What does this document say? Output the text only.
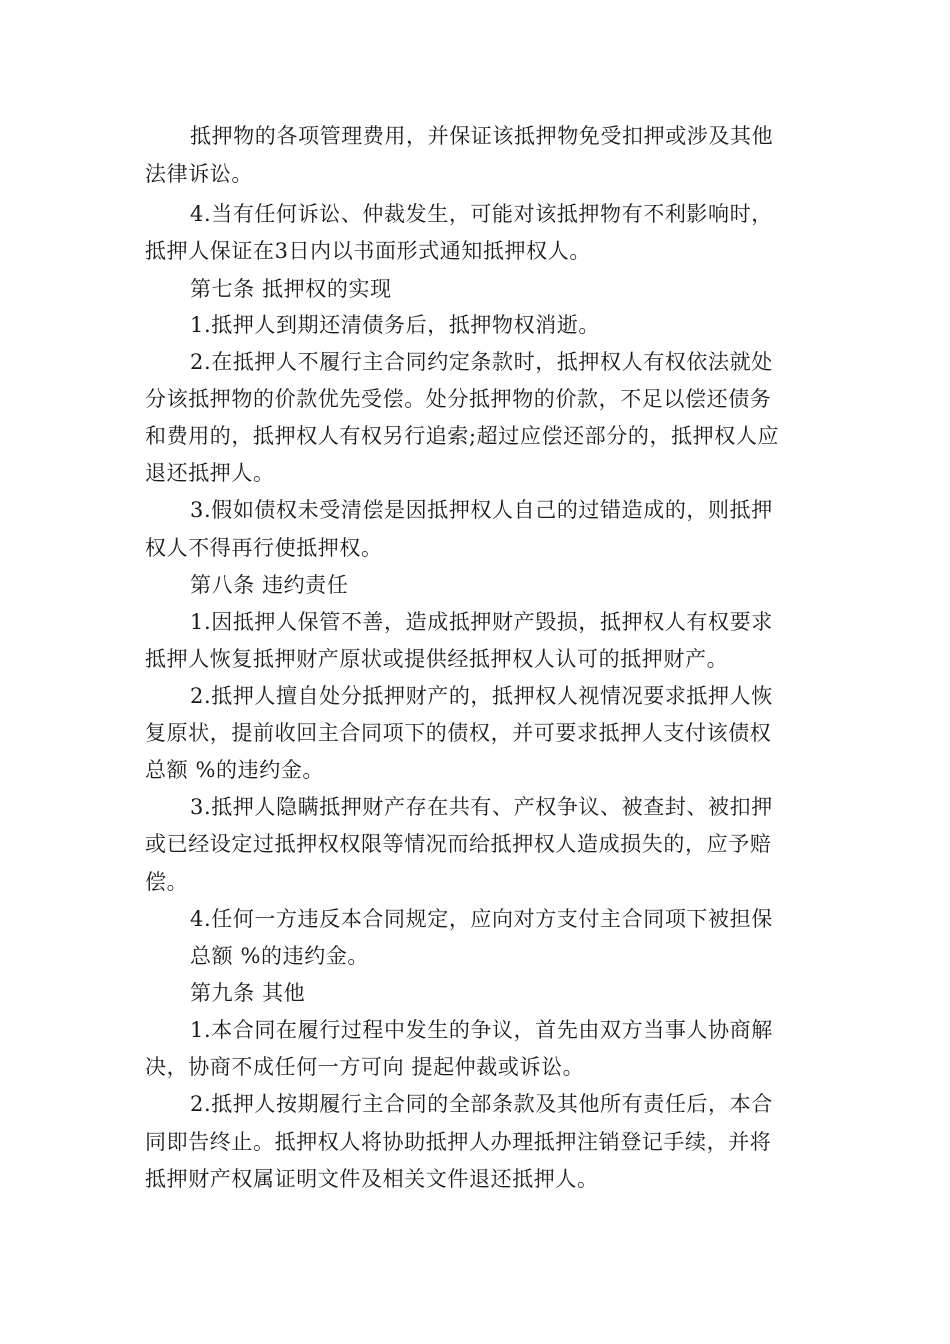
抵押物的各项管理费用，并保证该抵押物免受扣押或涉及其他
法律诉讼。
4.当有任何诉讼、仲裁发生，可能对该抵押物有不利影响时，
抵押人保证在3日内以书面形式通知抵押权人。
第七条 抵押权的实现
1.抵押人到期还清债务后，抵押物权消逝。
2.在抵押人不履行主合同约定条款时，抵押权人有权依法就处
分该抵押物的价款优先受偿。处分抵押物的价款，不足以偿还债务
和费用的，抵押权人有权另行追索;超过应偿还部分的，抵押权人应
退还抵押人。
3.假如债权未受清偿是因抵押权人自己的过错造成的，则抵押
权人不得再行使抵押权。
第八条 违约责任
1.因抵押人保管不善，造成抵押财产毁损，抵押权人有权要求
抵押人恢复抵押财产原状或提供经抵押权人认可的抵押财产。
2.抵押人擅自处分抵押财产的，抵押权人视情况要求抵押人恢
复原状，提前收回主合同项下的债权，并可要求抵押人支付该债权
总额 %的违约金。
3.抵押人隐瞒抵押财产存在共有、产权争议、被查封、被扣押
或已经设定过抵押权权限等情况而给抵押权人造成损失的，应予赔
偿。
4.任何一方违反本合同规定，应向对方支付主合同项下被担保
总额 %的违约金。
第九条 其他
1.本合同在履行过程中发生的争议，首先由双方当事人协商解
决，协商不成任何一方可向 提起仲裁或诉讼。
2.抵押人按期履行主合同的全部条款及其他所有责任后，本合
同即告终止。抵押权人将协助抵押人办理抵押注销登记手续，并将
抵押财产权属证明文件及相关文件退还抵押人。
